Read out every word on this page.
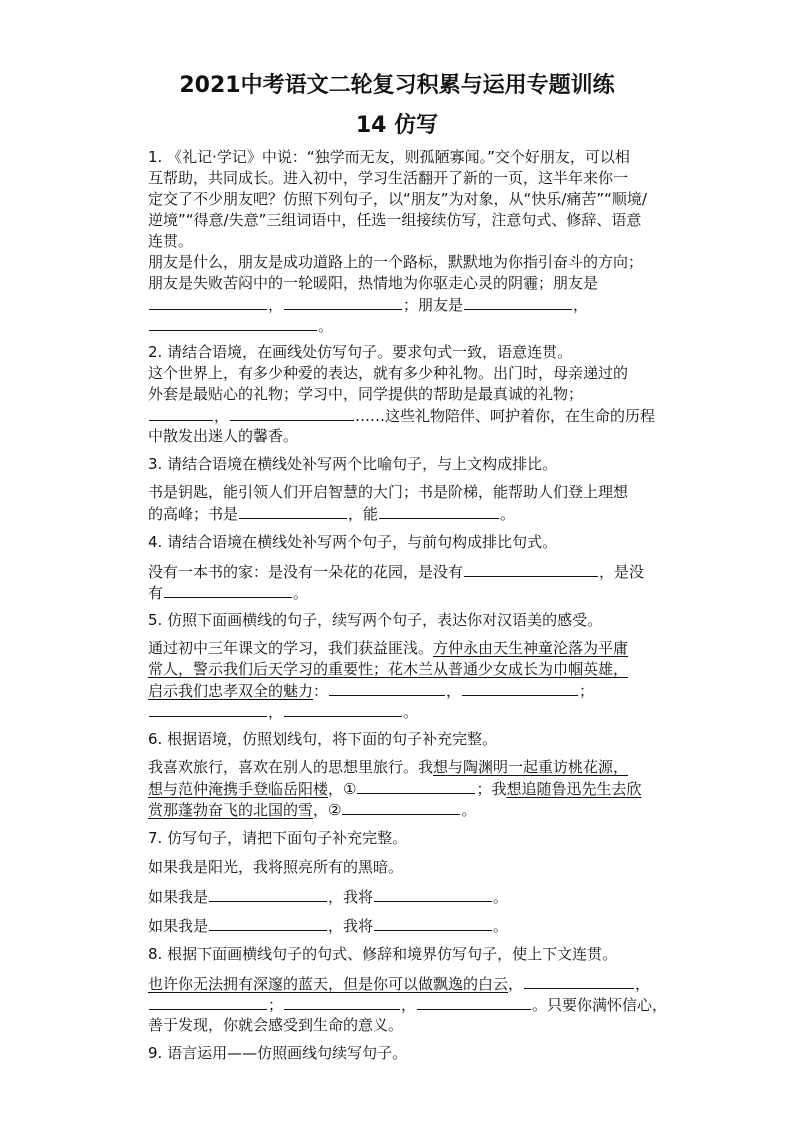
2021中考语文二轮复习积累与运用专题训练
14 仿写
1. 《礼记·学记》中说：“独学而无友，则孤陋寡闻。”交个好朋友，可以相
互帮助，共同成长。进入初中，学习生活翻开了新的一页，这半年来你一
定交了不少朋友吧？仿照下列句子，以“朋友”为对象，从“快乐/痛苦”“顺境/
逆境”“得意/失意”三组词语中，任选一组接续仿写，注意句式、修辞、语意
连贯。
朋友是什么，朋友是成功道路上的一个路标，默默地为你指引奋斗的方向；
朋友是失败苦闷中的一轮暖阳，热情地为你驱走心灵的阴霾；朋友是
，	；朋友是	，
。
2. 请结合语境，在画线处仿写句子。要求句式一致，语意连贯。
这个世界上，有多少种爱的表达，就有多少种礼物。出门时，母亲递过的
外套是最贴心的礼物；学习中，同学提供的帮助是最真诚的礼物；
，	……这些礼物陪伴、呵护着你，在生命的历程
中散发出迷人的馨香。
3. 请结合语境在横线处补写两个比喻句子，与上文构成排比。
书是钥匙，能引领人们开启智慧的大门；书是阶梯，能帮助人们登上理想
的高峰；书是	，能	。
4. 请结合语境在横线处补写两个句子，与前句构成排比句式。
没有一本书的家：是没有一朵花的花园，是没有	，是没
有	。
5. 仿照下面画横线的句子，续写两个句子，表达你对汉语美的感受。
通过初中三年课文的学习，我们获益匪浅。方仲永由天生神童沦落为平庸
常人，警示我们后天学习的重要性；花木兰从普通少女成长为巾帼英雄，
启示我们忠孝双全的魅力：	，	；
，	。
6. 根据语境，仿照划线句，将下面的句子补充完整。
我喜欢旅行，喜欢在别人的思想里旅行。我想与陶渊明一起重访桃花源，
想与范仲淹携手登临岳阳楼，①	；我想追随鲁迅先生去欣
赏那蓬勃奋飞的北国的雪，②	。
7. 仿写句子，请把下面句子补充完整。
如果我是阳光，我将照亮所有的黑暗。
如果我是	，我将	。
如果我是	，我将	。
8. 根据下面画横线句子的句式、修辞和境界仿写句子，使上下文连贯。
也许你无法拥有深邃的蓝天，但是你可以做飘逸的白云，	，
；	，	。只要你满怀信心，
善于发现，你就会感受到生命的意义。
9. 语言运用——仿照画线句续写句子。
